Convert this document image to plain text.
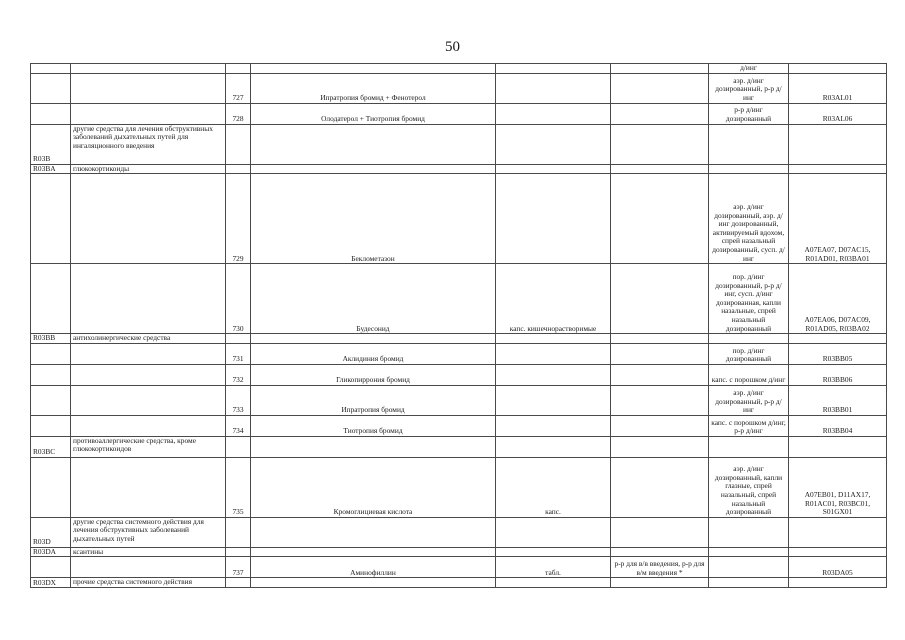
50
						д/инг	
		727	Ипратропия бромид + Фенотерол			аэр. д/инг дозированный, р-р д/инг	R03AL01
		728	Олодатерол + Тиотропия бромид			р-р д/инг дозированный	R03AL06
R03B	другие средства для лечения обструктивных заболеваний дыхательных путей для ингаляционного введения						
R03BA	глюкокортикоиды						
		729	Беклометазон			аэр. д/инг дозированный, аэр. д/инг дозированный, активируемый вдохом, спрей назальный дозированный, сусп. д/инг	A07EA07, D07AC15, R01AD01, R03BA01
		730	Будесонид	капс. кишечнорастворимые		пор. д/инг дозированный, р-р д/инг, сусп. д/инг дозированная, капли назальные, спрей назальный дозированный	A07EA06, D07AC09, R01AD05, R03BA02
R03BB	антихолинергические средства						
		731	Аклидиния бромид			пор. д/инг дозированный	R03BB05
		732	Гликопиррония бромид			капс. с порошком д/инг	R03BB06
		733	Ипратропия бромид			аэр. д/инг дозированный, р-р д/инг	R03BB01
		734	Тиотропия бромид			капс. с порошком д/инг, р-р д/инг	R03BB04
R03BC	противоаллергические средства, кроме глюкокортикоидов						
		735	Кромоглициевая кислота	капс.		аэр. д/инг дозированный, капли глазные, спрей назальный, спрей назальный дозированный	A07EB01, D11AX17, R01AC01, R03BC01, S01GX01
R03D	другие средства системного действия для лечения обструктивных заболеваний дыхательных путей						
R03DA	ксантины						
		737	Аминофиллин	табл.	р-р для в/в введения, р-р для в/м введения *		R03DA05
R03DX	прочие средства системного действия						
